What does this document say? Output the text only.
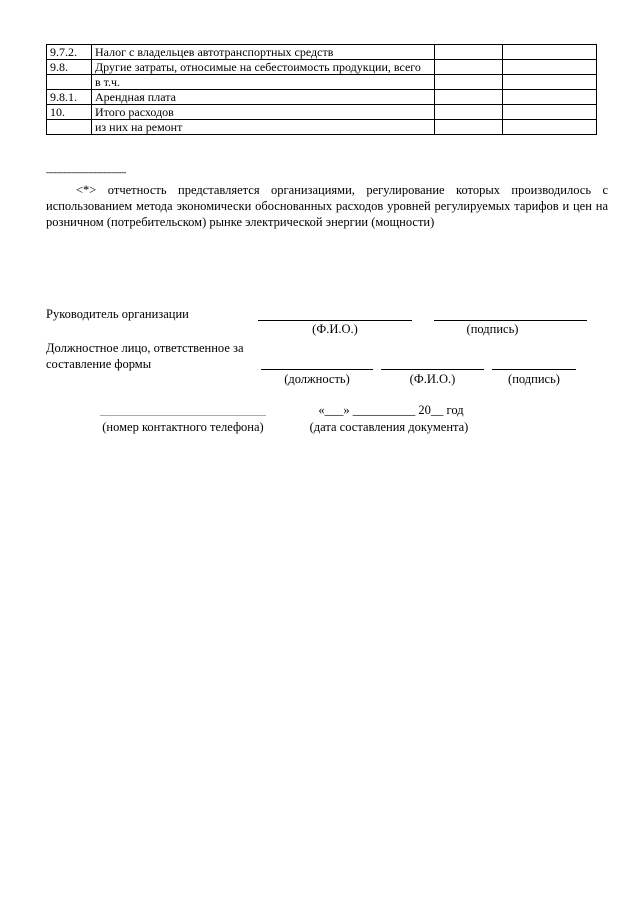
9.7.2.	Налог с владельцев автотранспортных средств		
9.8.	Другие затраты, относимые на себестоимость продукции, всего		
	в т.ч.		
9.8.1.	Арендная плата		
10.	Итого расходов		
	из них на ремонт		
--------------------------------
<*> отчетность представляется организациями, регулирование которых производилось с использованием метода экономически обоснованных расходов уровней регулируемых тарифов и цен на розничном (потребительском) рынке электрической энергии (мощности)
Руководитель организации
(Ф.И.О.)	(подпись)
Должностное лицо, ответственное за составление формы
(должность)	(Ф.И.О.)	(подпись)
«___» __________ 20__ год
(номер контактного телефона)	(дата составления документа)
